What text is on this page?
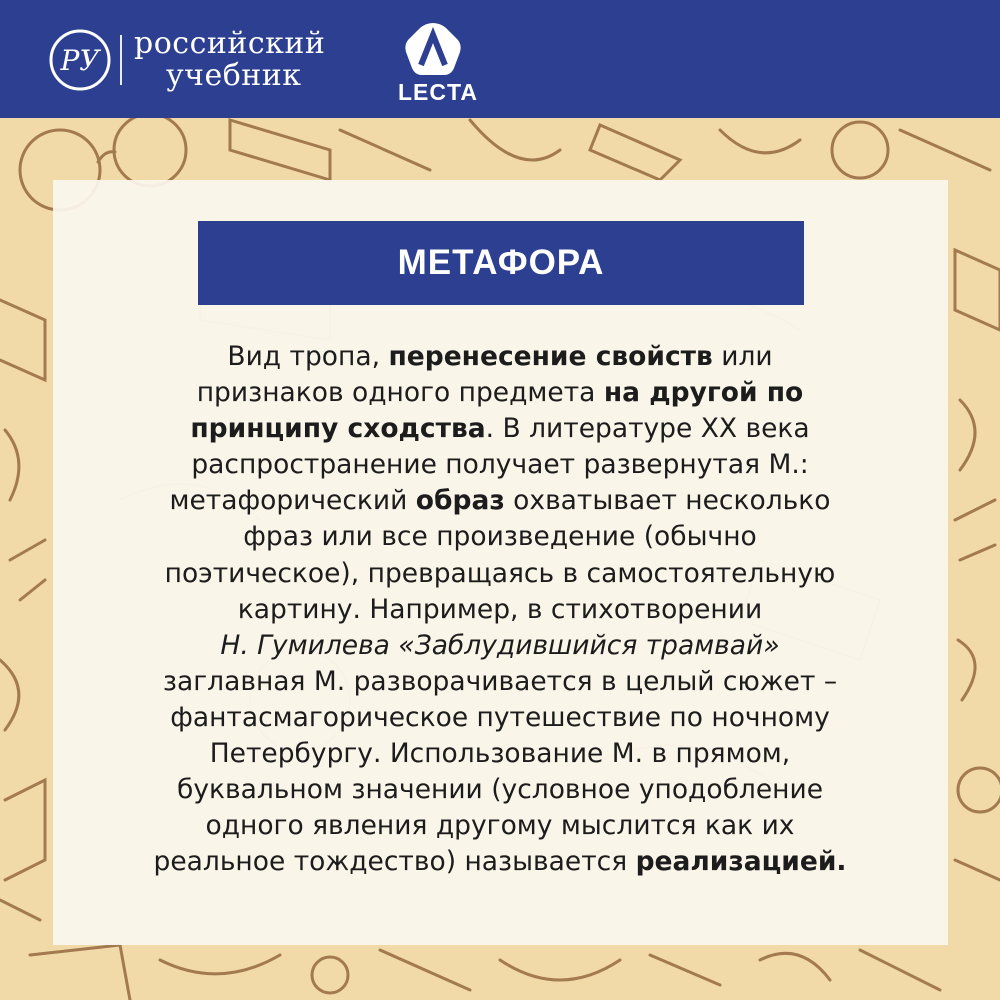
РУ российский
учебник	LECTA
МЕТАФОРА
Вид тропа, перенесение свойств или
признаков одного предмета на другой по
принципу сходства. В литературе XX века
распространение получает развернутая М.:
метафорический образ охватывает несколько
фраз или все произведение (обычно
поэтическое), превращаясь в самостоятельную
картину. Например, в стихотворении
Н. Гумилева «Заблудившийся трамвай»
заглавная М. разворачивается в целый сюжет –
фантасмагорическое путешествие по ночному
Петербургу. Использование М. в прямом,
буквальном значении (условное уподобление
одного явления другому мыслится как их
реальное тождество) называется реализацией.
